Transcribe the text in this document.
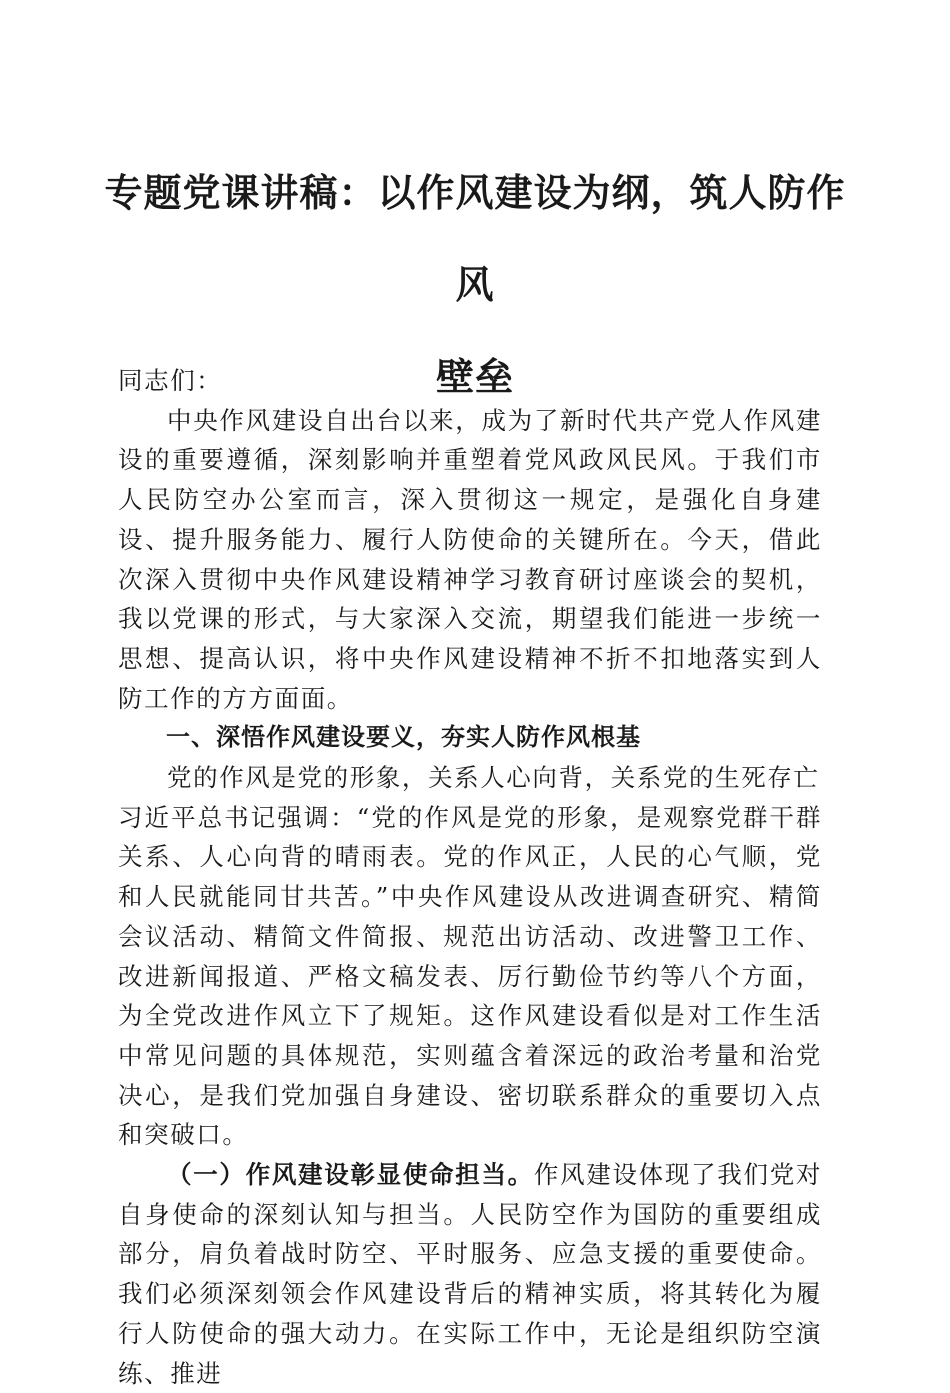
专题党课讲稿：以作风建设为纲，筑人防作风
壁垒

同志们：

中央作风建设自出台以来，成为了新时代共产党人作风建设的重要遵循，深刻影响并重塑着党风政风民风。于我们市人民防空办公室而言，深入贯彻这一规定，是强化自身建设、提升服务能力、履行人防使命的关键所在。今天，借此次深入贯彻中央作风建设精神学习教育研讨座谈会的契机，我以党课的形式，与大家深入交流，期望我们能进一步统一思想、提高认识，将中央作风建设精神不折不扣地落实到人防工作的方方面面。

一、深悟作风建设要义，夯实人防作风根基

党的作风是党的形象，关系人心向背，关系党的生死存亡

习近平总书记强调：“党的作风是党的形象，是观察党群干群关系、人心向背的晴雨表。党的作风正，人民的心气顺，党和人民就能同甘共苦。”中央作风建设从改进调查研究、精简会议活动、精简文件简报、规范出访活动、改进警卫工作、改进新闻报道、严格文稿发表、厉行勤俭节约等八个方面，为全党改进作风立下了规矩。这作风建设看似是对工作生活中常见问题的具体规范，实则蕴含着深远的政治考量和治党决心，是我们党加强自身建设、密切联系群众的重要切入点和突破口。

（一）作风建设彰显使命担当。作风建设体现了我们党对自身使命的深刻认知与担当。人民防空作为国防的重要组成部分，肩负着战时防空、平时服务、应急支援的重要使命。我们必须深刻领会作风建设背后的精神实质，将其转化为履行人防使命的强大动力。在实际工作中，无论是组织防空演练、推进
